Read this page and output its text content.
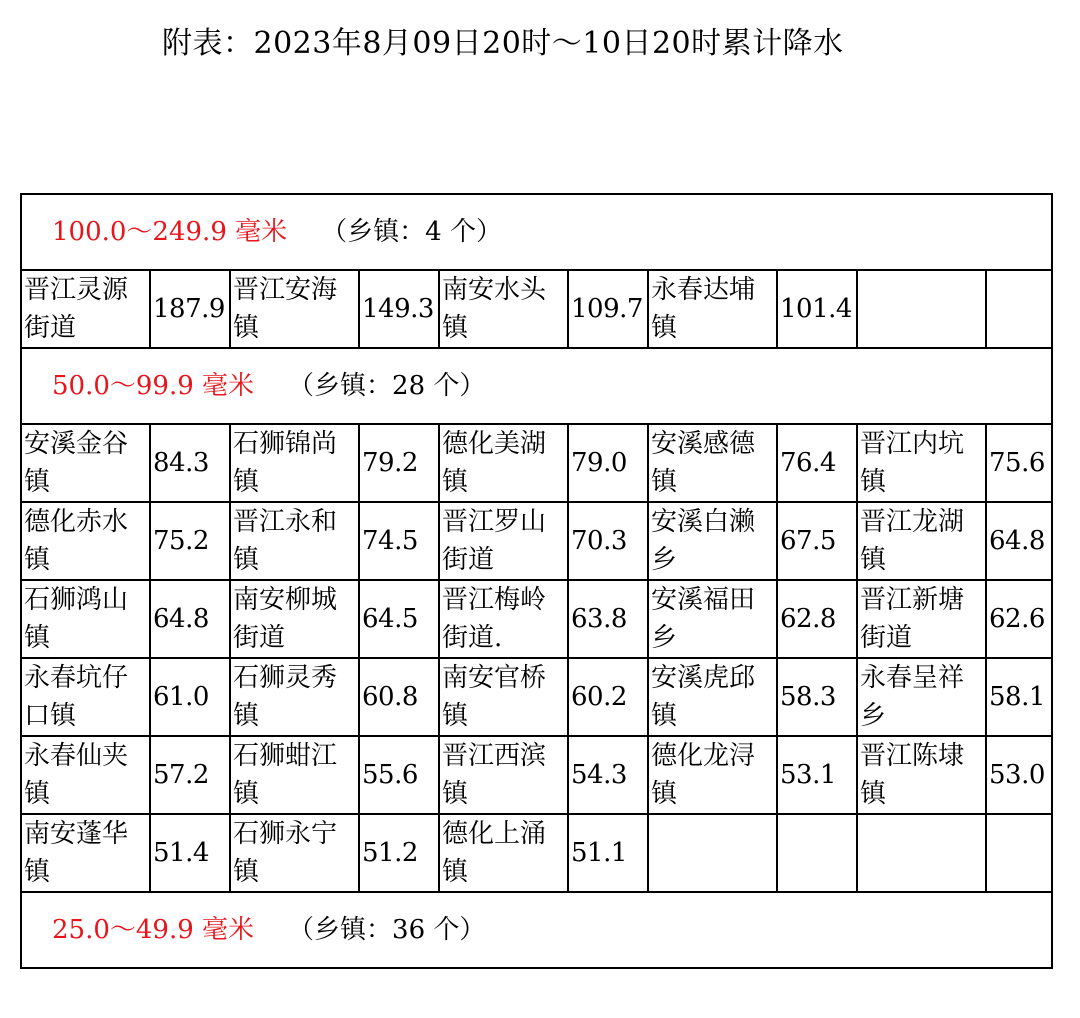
附表：2023年8月09日20时～10日20时累计降水
100.0～249.9 毫米 （乡镇：4 个）									
晋江灵源街道	187.9	晋江安海镇	149.3	南安水头镇	109.7	永春达埔镇	101.4		
50.0～99.9 毫米 （乡镇：28 个）									
安溪金谷镇	84.3	石狮锦尚镇	79.2	德化美湖镇	79.0	安溪感德镇	76.4	晋江内坑镇	75.6
德化赤水镇	75.2	晋江永和镇	74.5	晋江罗山街道	70.3	安溪白濑乡	67.5	晋江龙湖镇	64.8
石狮鸿山镇	64.8	南安柳城街道	64.5	晋江梅岭街道.	63.8	安溪福田乡	62.8	晋江新塘街道	62.6
永春坑仔口镇	61.0	石狮灵秀镇	60.8	南安官桥镇	60.2	安溪虎邱镇	58.3	永春呈祥乡	58.1
永春仙夹镇	57.2	石狮蚶江镇	55.6	晋江西滨镇	54.3	德化龙浔镇	53.1	晋江陈埭镇	53.0
南安蓬华镇	51.4	石狮永宁镇	51.2	德化上涌镇	51.1				
25.0～49.9 毫米 （乡镇：36 个）									
